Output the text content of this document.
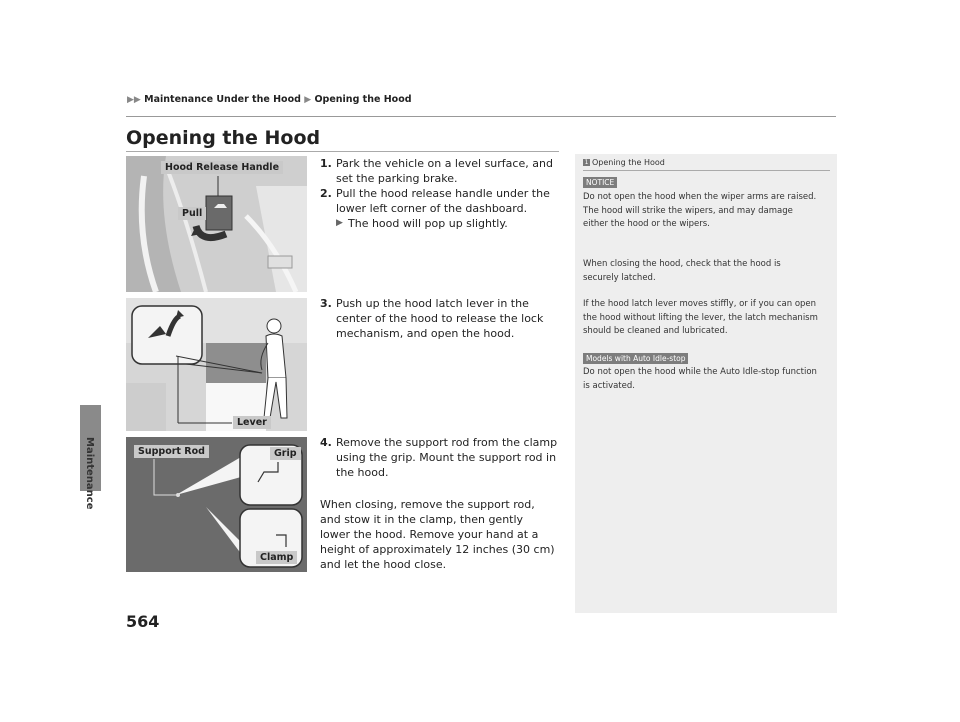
▶▶ Maintenance Under the Hood ▶ Opening the Hood
Maintenance
564
Opening the Hood
Hood Release Handle
Pull
Lever
Support Rod	Grip
Clamp
1. Park the vehicle on a level surface, and set the parking brake.
2. Pull the hood release handle under the lower left corner of the dashboard.
▶ The hood will pop up slightly.
3. Push up the hood latch lever in the center of the hood to release the lock mechanism, and open the hood.
4. Remove the support rod from the clamp using the grip. Mount the support rod in the hood.
When closing, remove the support rod, and stow it in the clamp, then gently lower the hood. Remove your hand at a height of approximately 12 inches (30 cm) and let the hood close.
1 Opening the Hood
NOTICE
Do not open the hood when the wiper arms are raised.
The hood will strike the wipers, and may damage either the hood or the wipers.
When closing the hood, check that the hood is securely latched.
If the hood latch lever moves stiffly, or if you can open the hood without lifting the lever, the latch mechanism should be cleaned and lubricated.
Models with Auto Idle-stop
Do not open the hood while the Auto Idle-stop function is activated.
